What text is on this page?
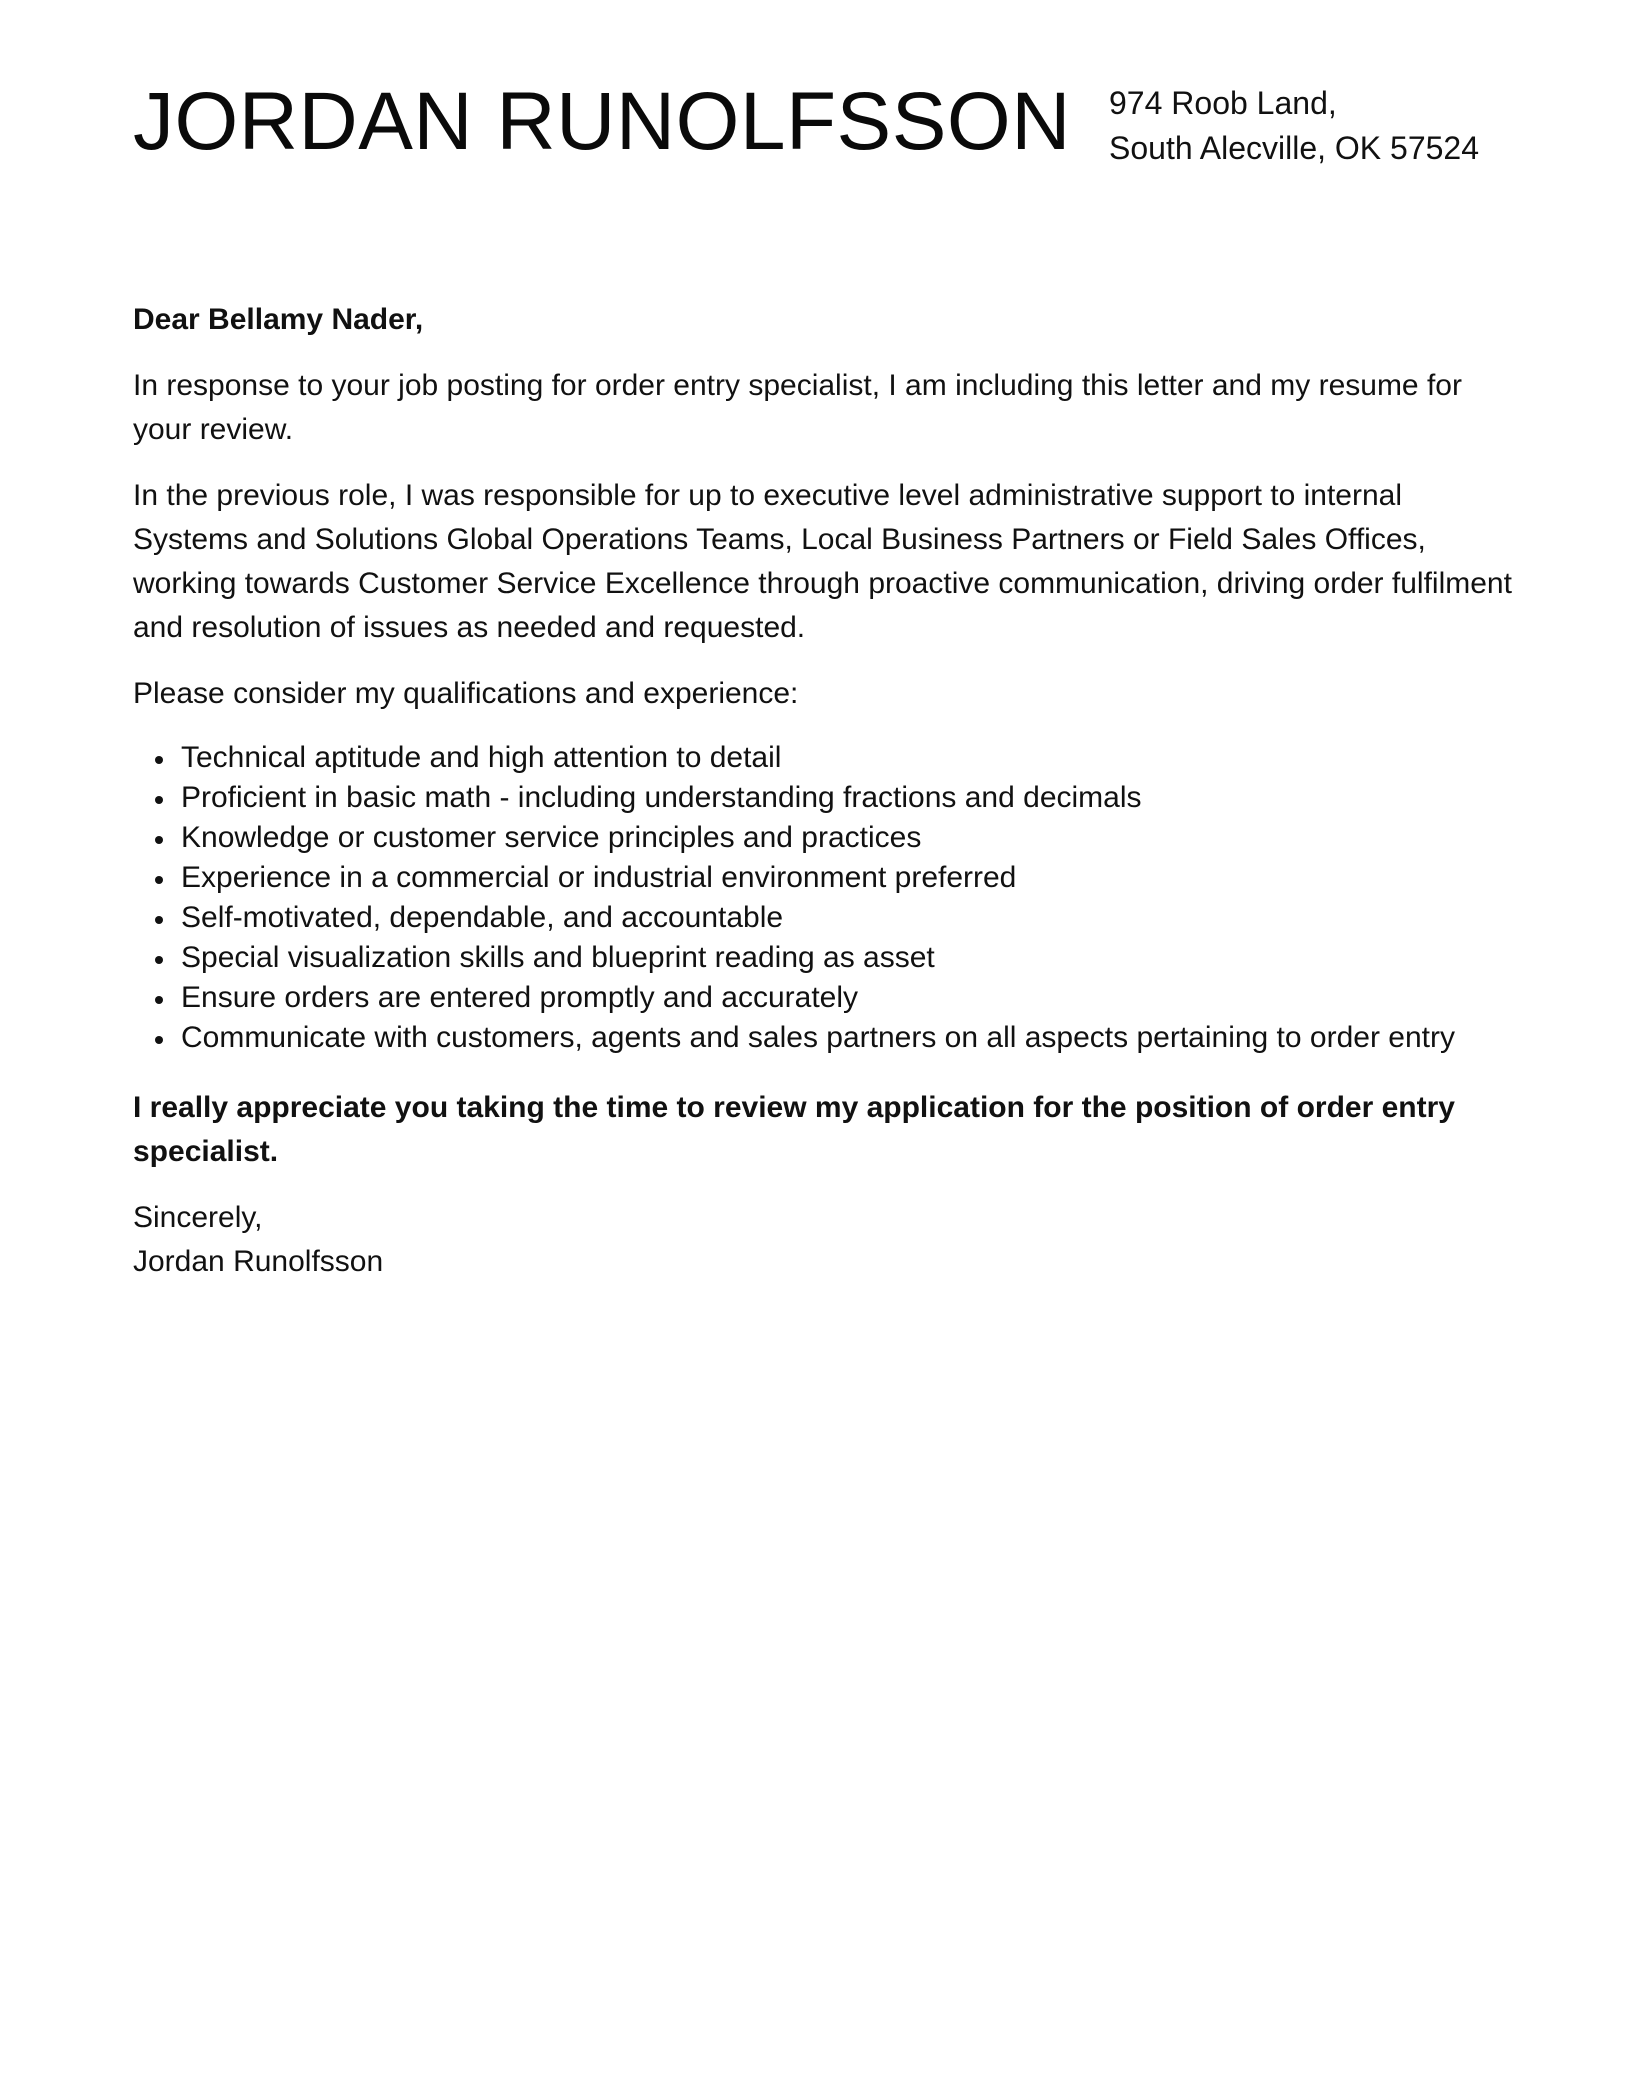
JORDAN RUNOLFSSON 974 Roob Land,
South Alecville, OK 57524

Dear Bellamy Nader,

In response to your job posting for order entry specialist, I am including this letter and my resume for your review.

In the previous role, I was responsible for up to executive level administrative support to internal Systems and Solutions Global Operations Teams, Local Business Partners or Field Sales Offices, working towards Customer Service Excellence through proactive communication, driving order fulfilment and resolution of issues as needed and requested.

Please consider my qualifications and experience:

Technical aptitude and high attention to detail
Proficient in basic math - including understanding fractions and decimals
Knowledge or customer service principles and practices
Experience in a commercial or industrial environment preferred
Self-motivated, dependable, and accountable
Special visualization skills and blueprint reading as asset
Ensure orders are entered promptly and accurately
Communicate with customers, agents and sales partners on all aspects pertaining to order entry

I really appreciate you taking the time to review my application for the position of order entry specialist.

Sincerely,
Jordan Runolfsson
